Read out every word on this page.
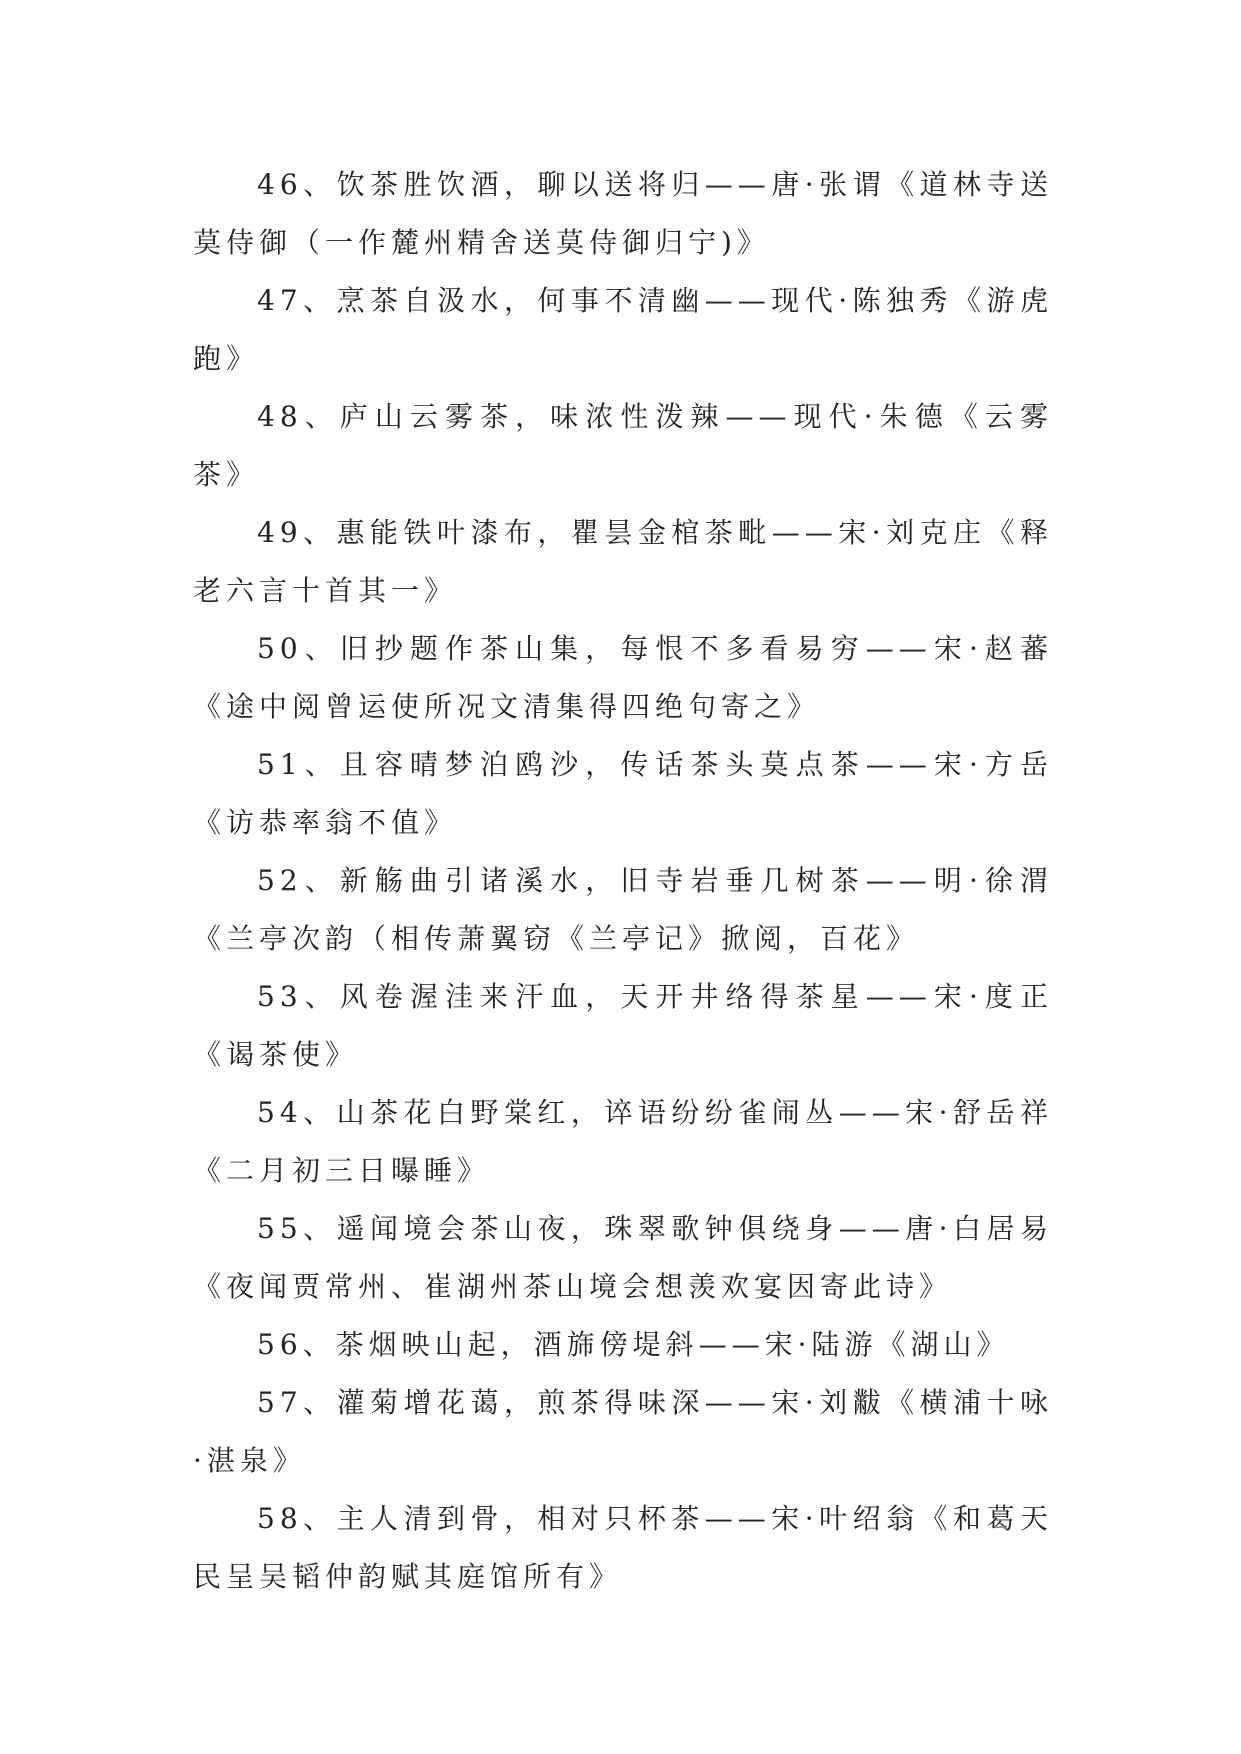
46、饮茶胜饮酒，聊以送将归——唐·张谓《道林寺送莫侍御（一作麓州精舍送莫侍御归宁)》

47、烹茶自汲水，何事不清幽——现代·陈独秀《游虎跑》

48、庐山云雾茶，味浓性泼辣——现代·朱德《云雾茶》

49、惠能铁叶漆布，瞿昙金棺茶毗——宋·刘克庄《释老六言十首其一》

50、旧抄题作茶山集，每恨不多看易穷——宋·赵蕃《途中阅曾运使所况文清集得四绝句寄之》

51、且容晴梦泊鸥沙，传话茶头莫点茶——宋·方岳《访恭率翁不值》

52、新觞曲引诸溪水，旧寺岩垂几树茶——明·徐渭《兰亭次韵（相传萧翼窃《兰亭记》掀阅，百花》

53、风卷渥洼来汗血，天开井络得茶星——宋·度正《谒茶使》

54、山茶花白野棠红，谇语纷纷雀闹丛——宋·舒岳祥《二月初三日曝睡》

55、遥闻境会茶山夜，珠翠歌钟俱绕身——唐·白居易《夜闻贾常州、崔湖州茶山境会想羡欢宴因寄此诗》

56、茶烟映山起，酒旆傍堤斜——宋·陆游《湖山》

57、灌菊增花蔼，煎茶得味深——宋·刘黻《横浦十咏·湛泉》

58、主人清到骨，相对只杯茶——宋·叶绍翁《和葛天民呈吴韬仲韵赋其庭馆所有》
